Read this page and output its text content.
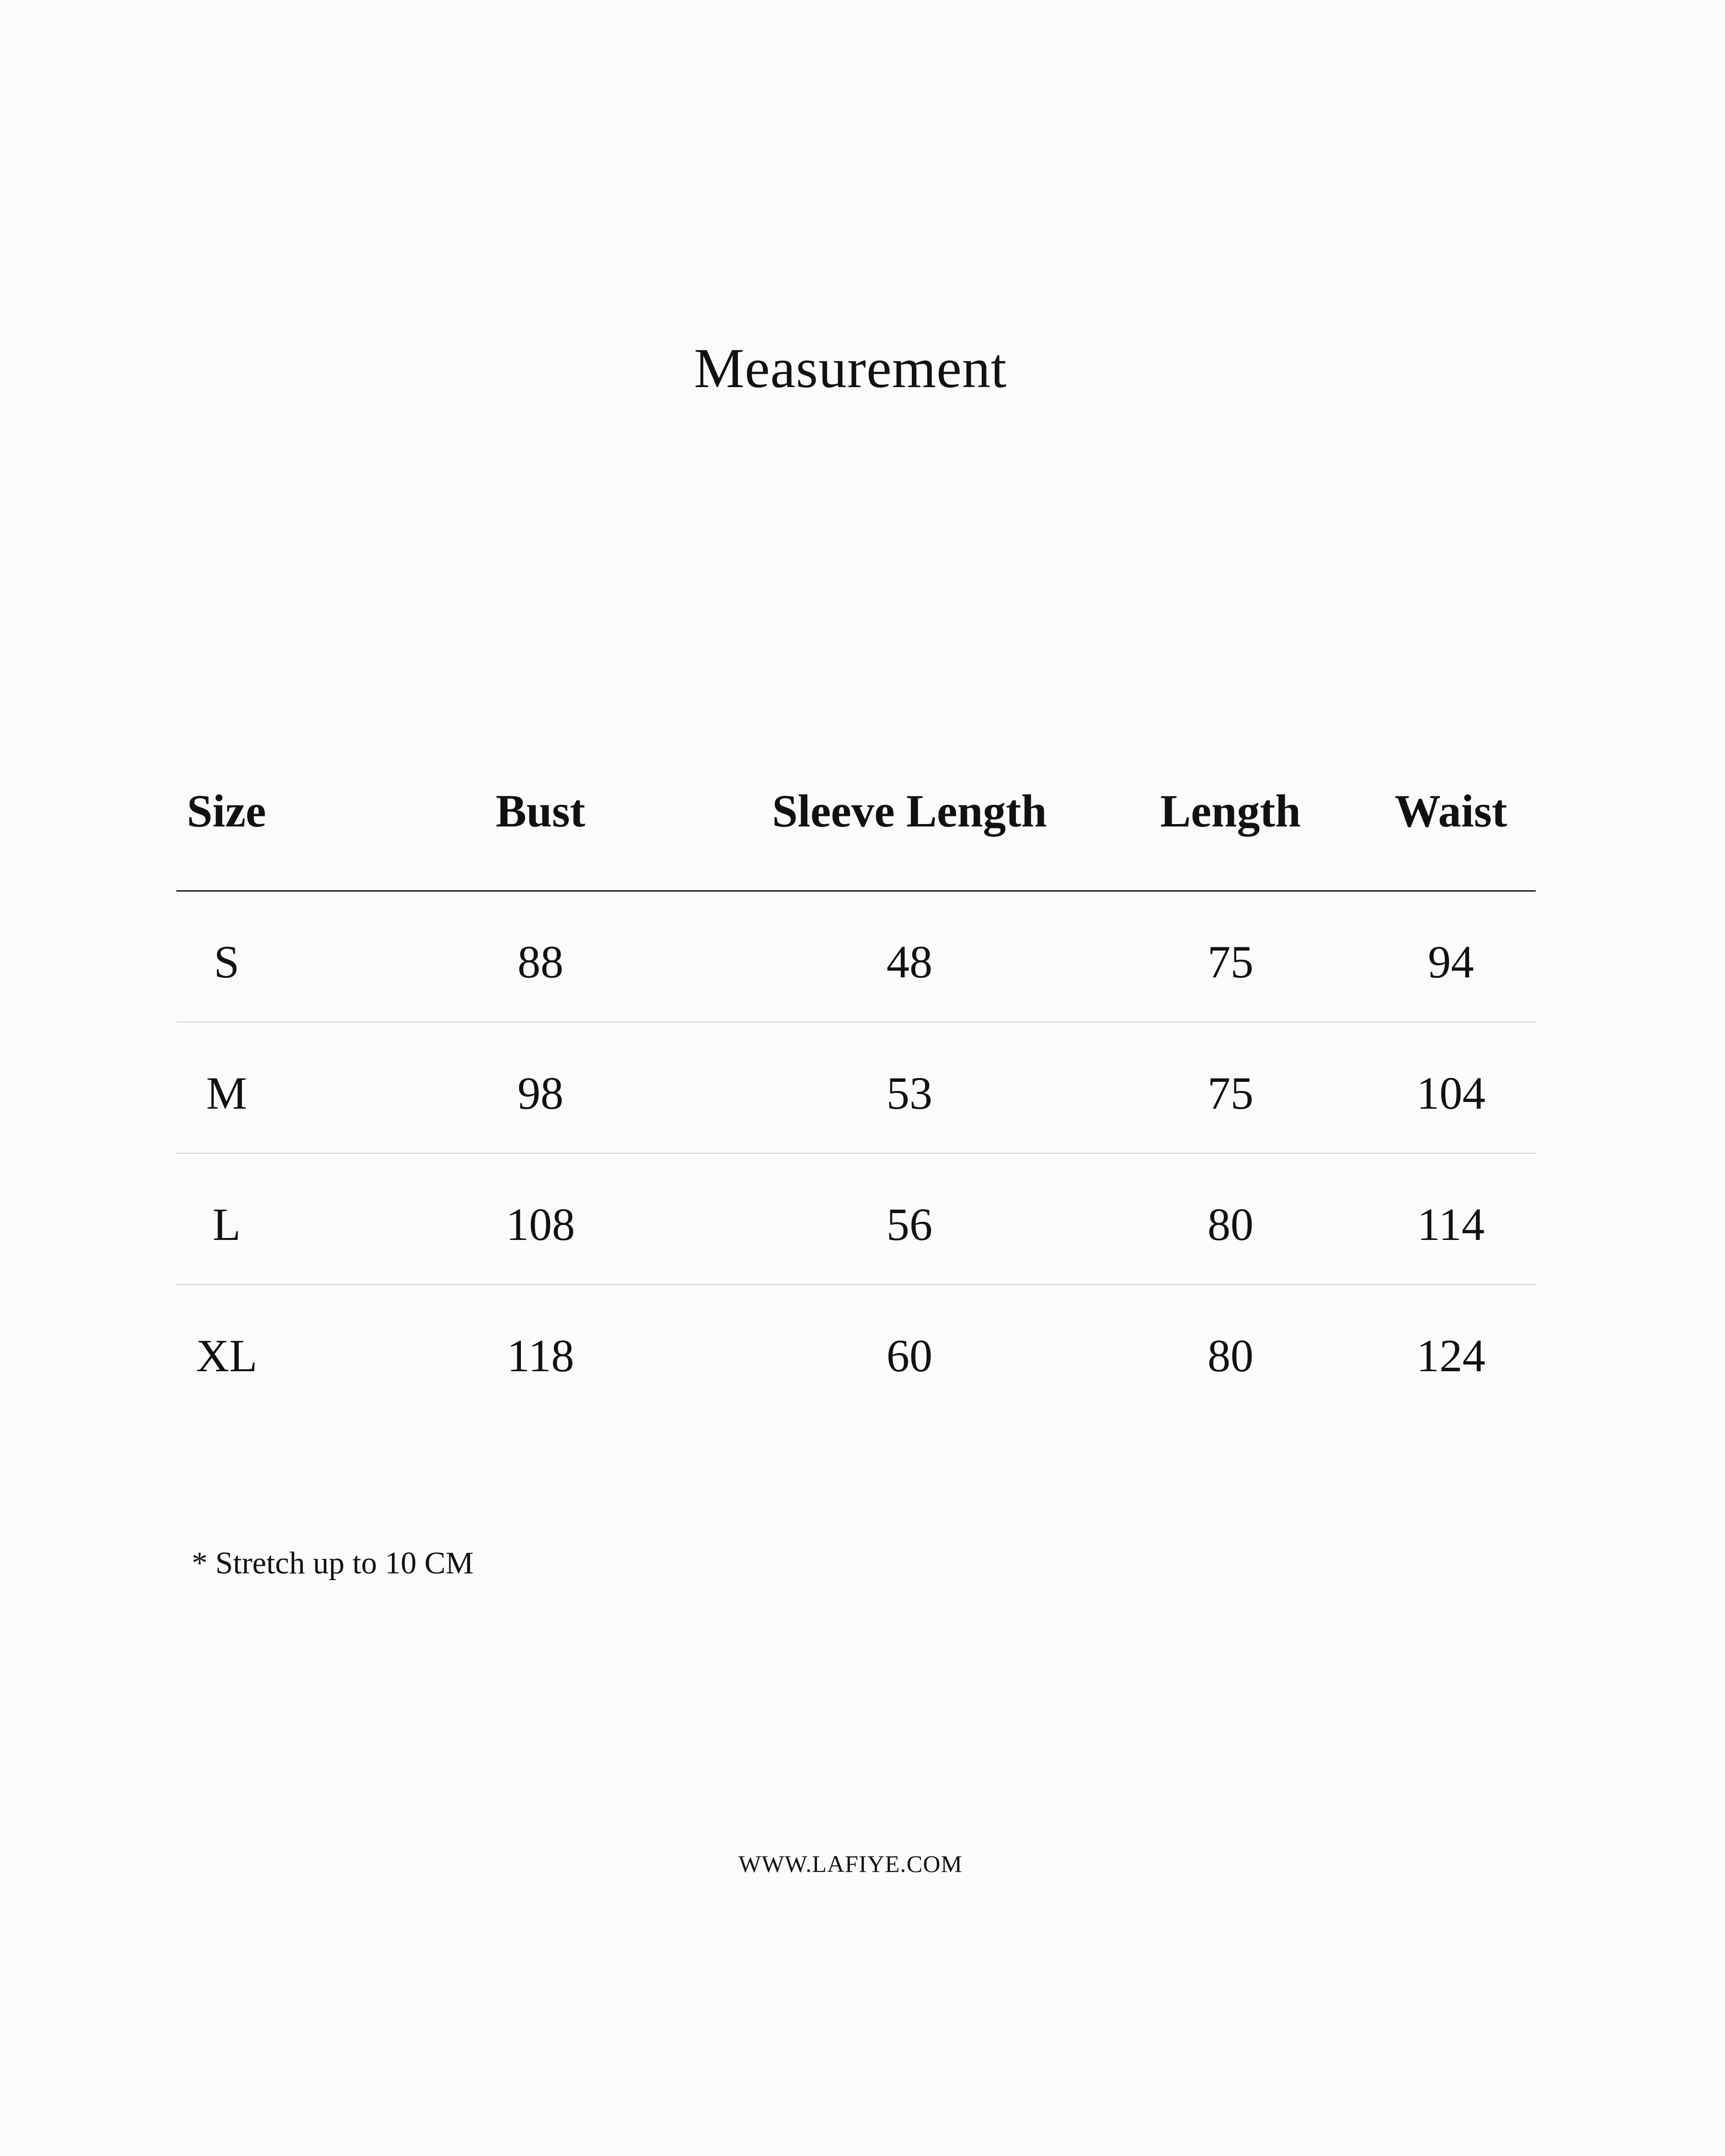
Measurement
Size	Bust	Sleeve Length	Length	Waist
S	88	48	75	94
M	98	53	75	104
L	108	56	80	114
XL	118	60	80	124
* Stretch up to 10 CM
WWW.LAFIYE.COM
